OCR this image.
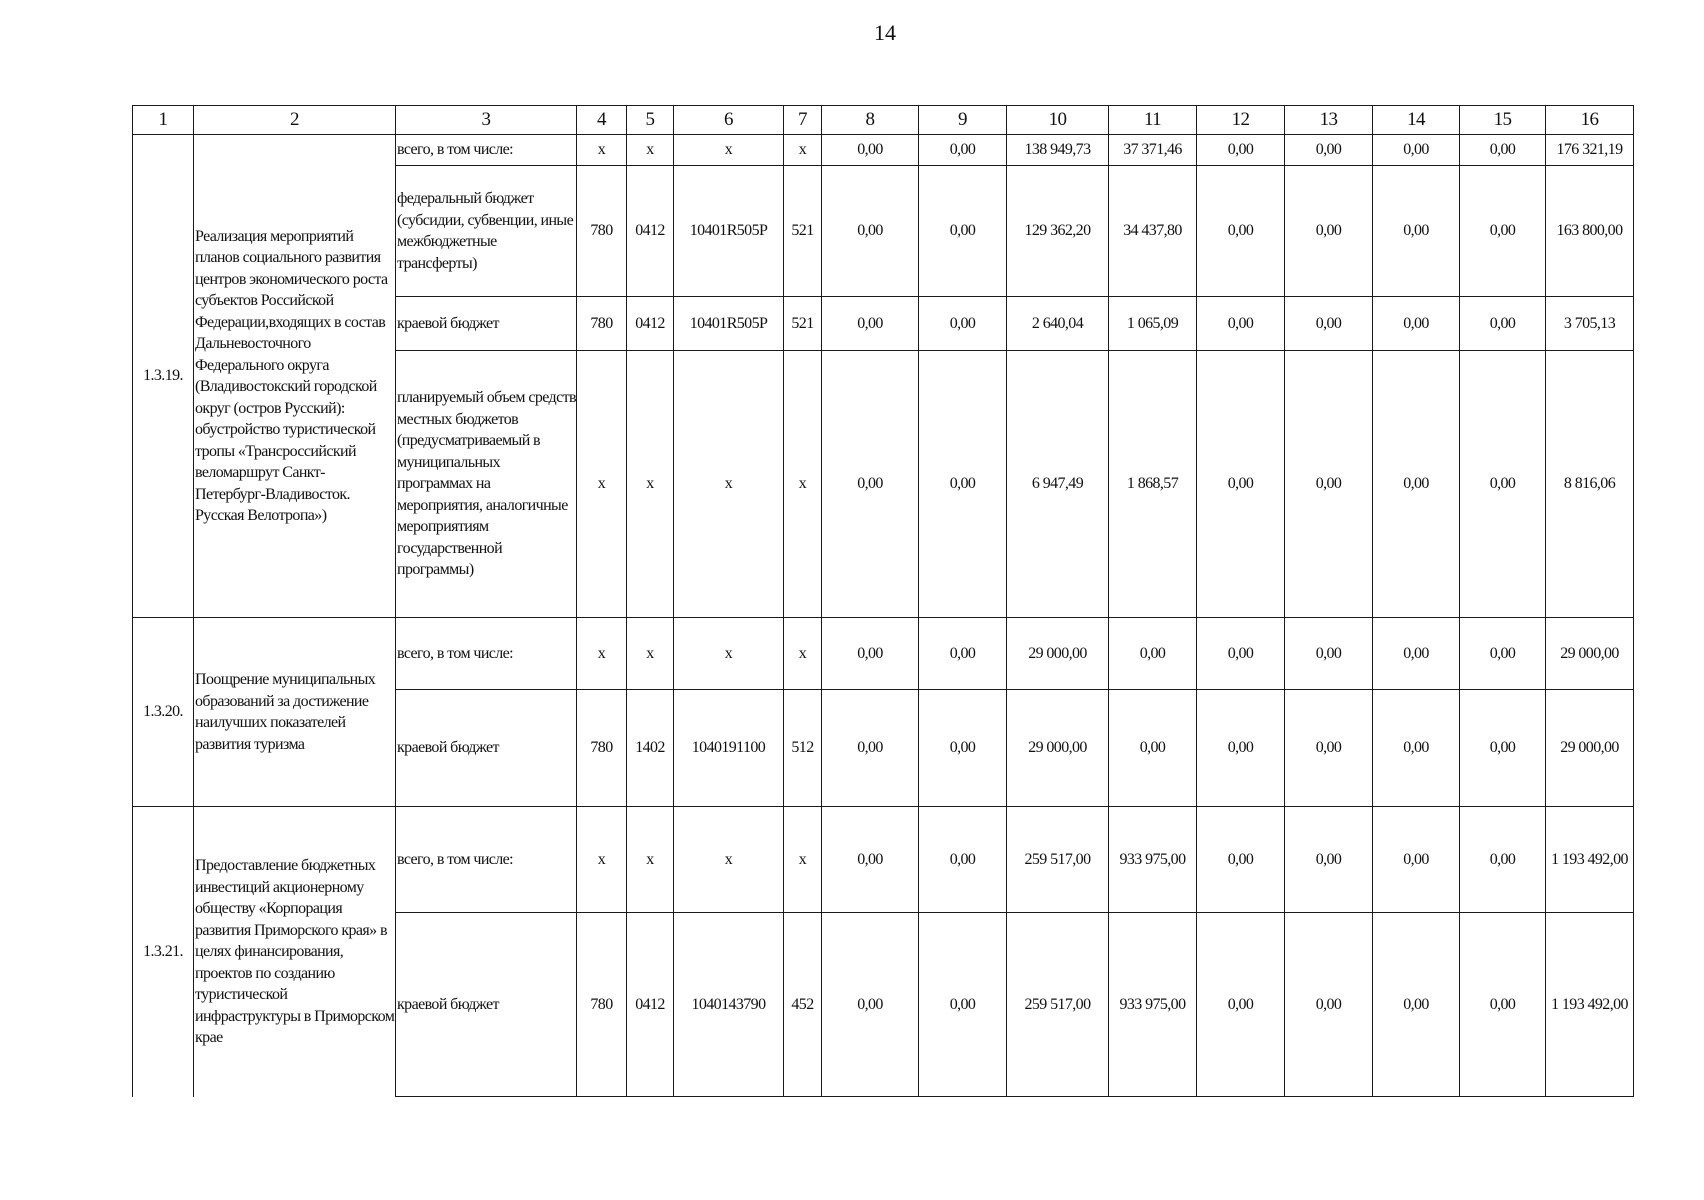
14
1	2	3	4	5	6	7	8	9	10	11	12	13	14	15	16
1.3.19.	Реализация мероприятий планов социального развития центров экономического роста субъектов Российской Федерации,входящих в состав Дальневосточного Федерального округа (Владивостокский городской округ (остров Русский): обустройство туристической тропы «Трансроссийский веломаршрут Санкт-Петербург-Владивосток. Русская Велотропа»)	всего, в том числе:	x	x	x	x	0,00	0,00	138 949,73	37 371,46	0,00	0,00	0,00	0,00	176 321,19
		федеральный бюджет (субсидии, субвенции, иные межбюджетные трансферты)	780	0412	10401R505P	521	0,00	0,00	129 362,20	34 437,80	0,00	0,00	0,00	0,00	163 800,00
		краевой бюджет	780	0412	10401R505P	521	0,00	0,00	2 640,04	1 065,09	0,00	0,00	0,00	0,00	3 705,13
		планируемый объем средств местных бюджетов (предусматриваемый в муниципальных программах на мероприятия, аналогичные мероприятиям государственной программы)	x	x	x	x	0,00	0,00	6 947,49	1 868,57	0,00	0,00	0,00	0,00	8 816,06
1.3.20.	Поощрение муниципальных образований за достижение наилучших показателей развития туризма	всего, в том числе:	x	x	x	x	0,00	0,00	29 000,00	0,00	0,00	0,00	0,00	0,00	29 000,00
		краевой бюджет	780	1402	1040191100	512	0,00	0,00	29 000,00	0,00	0,00	0,00	0,00	0,00	29 000,00
1.3.21.	Предоставление бюджетных инвестиций акционерному обществу «Корпорация развития Приморского края» в целях финансирования, проектов по созданию туристической инфраструктуры в Приморском крае	всего, в том числе:	x	x	x	x	0,00	0,00	259 517,00	933 975,00	0,00	0,00	0,00	0,00	1 193 492,00
		краевой бюджет	780	0412	1040143790	452	0,00	0,00	259 517,00	933 975,00	0,00	0,00	0,00	0,00	1 193 492,00
